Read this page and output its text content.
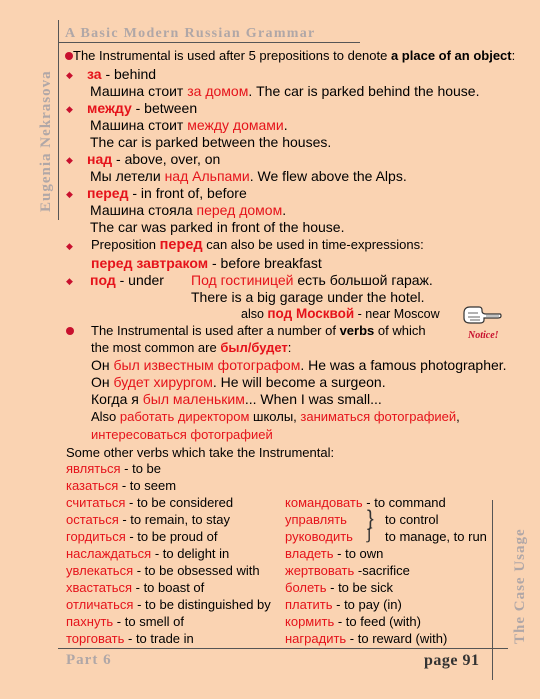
A Basic Modern Russian Grammar
Eugenia Nekrasova
The Case Usage
Part 6	page 91
The Instrumental is used after 5 prepositions to denote a place of an object:
◆ за - behind
Машина стоит за домом. The car is parked behind the house.
◆ между - between
Машина стоит между домами.
The car is parked between the houses.
◆ над - above, over, on
Мы летели над Альпами. We flew above the Alps.
◆ перед - in front of, before
Машина стояла перед домом.
The car was parked in front of the house.
◆ Preposition перед can also be used in time-expressions:
перед завтраком - before breakfast
◆ под - under Под гостиницей есть большой гараж.
There is a big garage under the hotel.
also под Москвой - near Moscow
Notice!
The Instrumental is used after a number of verbs of which
the most common are был/будет:
Он был известным фотографом. He was a famous photographer.
Он будет хирургом. He will become a surgeon.
Когда я был маленьким... When I was small...
Also работать директором школы, заниматься фотографией,
интересоваться фотографией
Some other verbs which take the Instrumental:
являться - to be
казаться - to seem
считаться - to be considered
остаться - to remain, to stay
гордиться - to be proud of
наслаждаться - to delight in
увлекаться - to be obsessed with
хвастаться - to boast of
отличаться - to be distinguished by
пахнуть - to smell of
торговать - to trade in
командовать - to command
управлять
руководить
}
∫
to control
to manage, to run
владеть - to own
жертвовать -sacrifice
болеть - to be sick
платить - to pay (in)
кормить - to feed (with)
наградить - to reward (with)
